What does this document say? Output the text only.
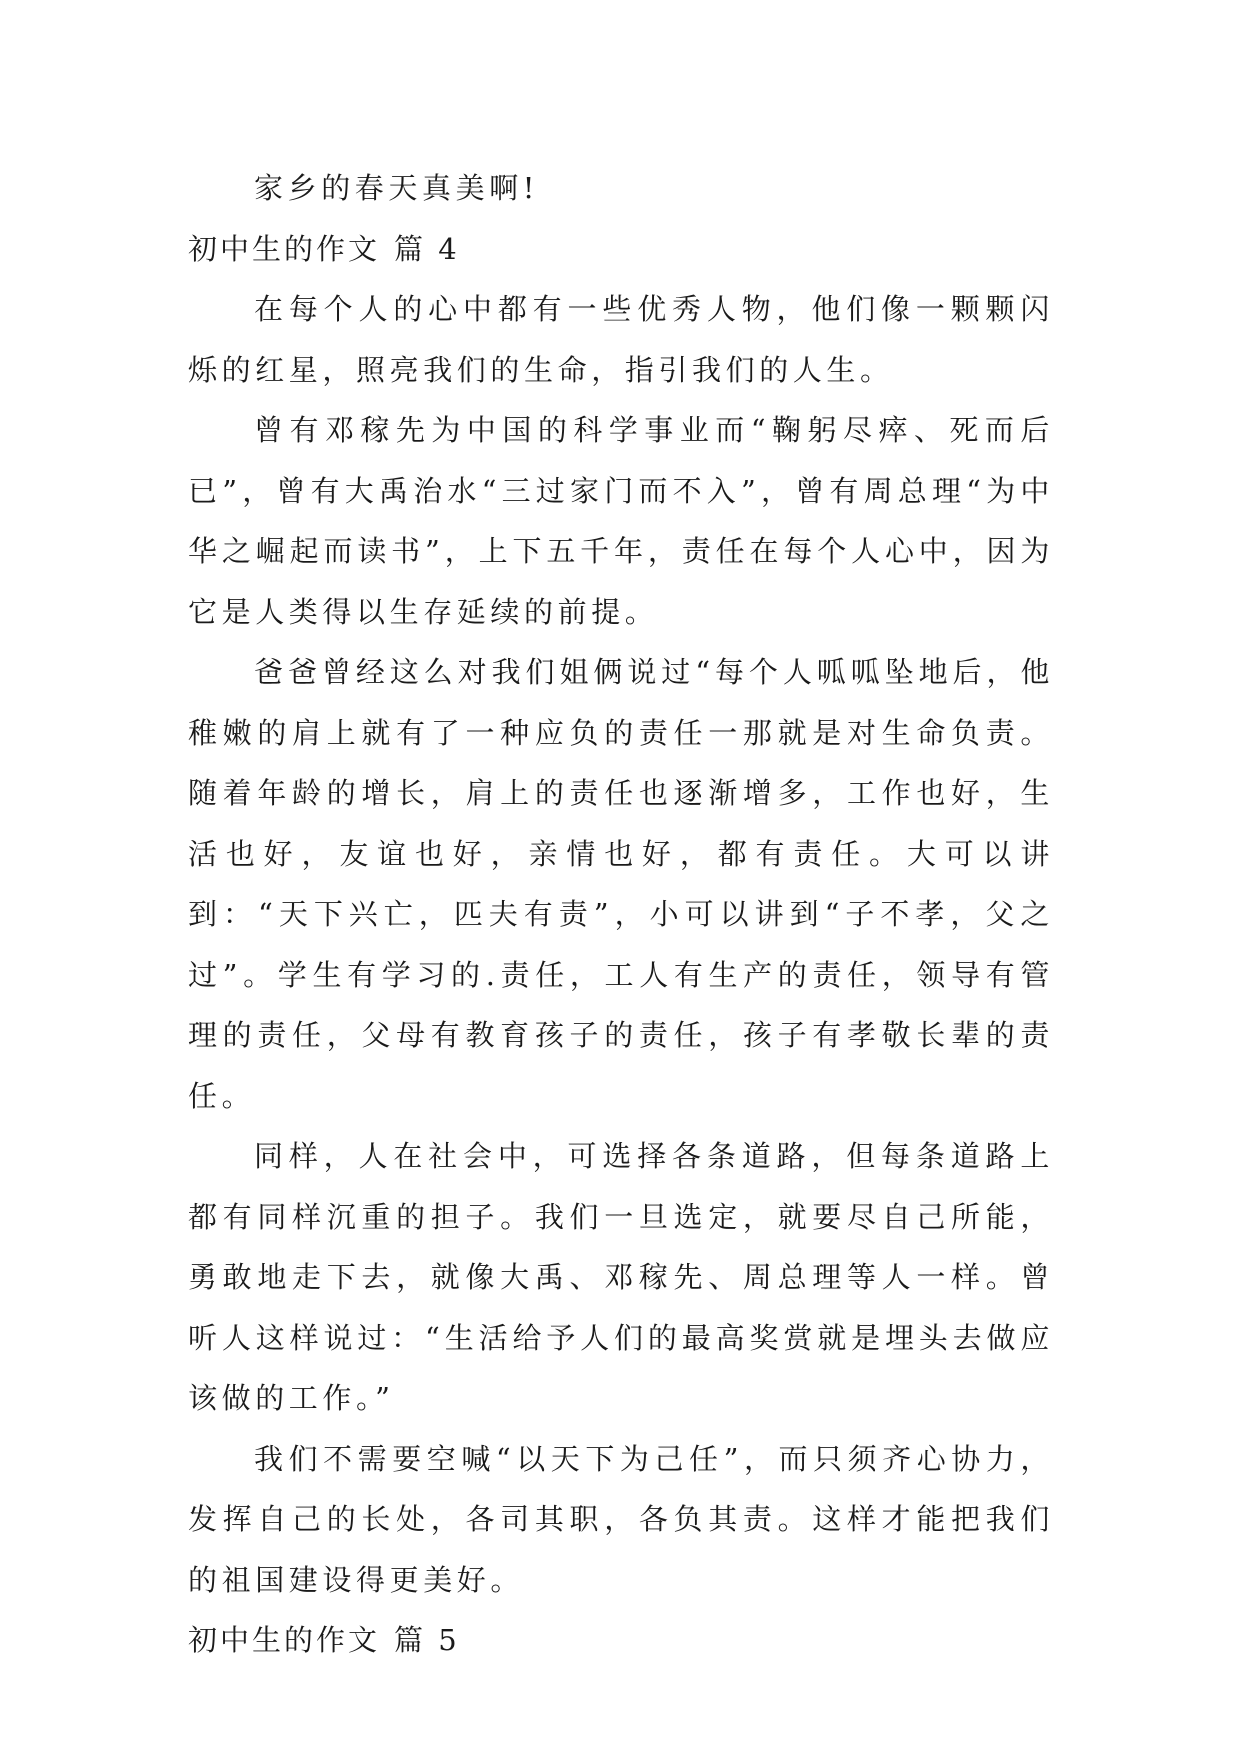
家乡的春天真美啊!

初中生的作文 篇 4

在每个人的心中都有一些优秀人物，他们像一颗颗闪烁的红星，照亮我们的生命，指引我们的人生。

曾有邓稼先为中国的科学事业而“鞠躬尽瘁、死而后已”，曾有大禹治水“三过家门而不入”，曾有周总理“为中华之崛起而读书”，上下五千年，责任在每个人心中，因为它是人类得以生存延续的前提。

爸爸曾经这么对我们姐俩说过“每个人呱呱坠地后，他稚嫩的肩上就有了一种应负的责任一那就是对生命负责。随着年龄的增长，肩上的责任也逐渐增多，工作也好，生活也好，友谊也好，亲情也好，都有责任。大可以讲到：“天下兴亡，匹夫有责”，小可以讲到“子不孝，父之过”。学生有学习的.责任，工人有生产的责任，领导有管理的责任，父母有教育孩子的责任，孩子有孝敬长辈的责任。

同样，人在社会中，可选择各条道路，但每条道路上都有同样沉重的担子。我们一旦选定，就要尽自己所能，勇敢地走下去，就像大禹、邓稼先、周总理等人一样。曾听人这样说过：“生活给予人们的最高奖赏就是埋头去做应该做的工作。”

我们不需要空喊“以天下为己任”，而只须齐心协力，发挥自己的长处，各司其职，各负其责。这样才能把我们的祖国建设得更美好。

初中生的作文 篇 5
